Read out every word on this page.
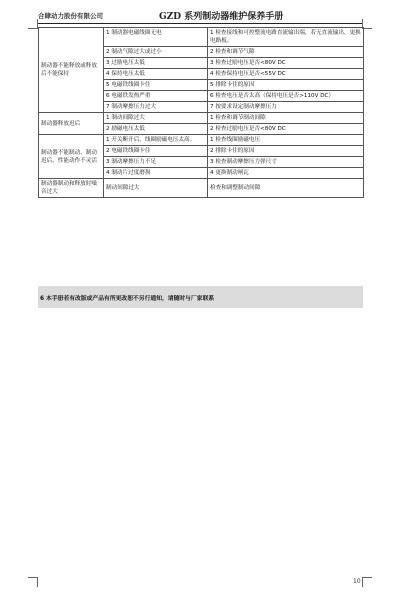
合肆动力股份有限公司	GZD 系列制动器维护保养手册
制动器不能释放或释放后不能保持	1 制动器电磁线圈无电	1 检查接线和可控整流电路直流输出端，若无直流输出，更换电路板。
	2 制动气隙过大或过小	2 检查和调节气隙
	3 过励电压太低	3 检查过励电压是否<80V DC
	4 保持电压太低	4 检查保持电压是否<55V DC
	5 电磁铁线圈卡住	5 排除卡住的原因
	6 电磁铁发热严重	6 检查电压是否太高（保持电压是否>110V DC）
	7 制动摩擦压力过大	7 按要求设定制动摩擦压力
制动器释放迟后	1 制动间隙过大	1 检查和调节制动间隙
	2 励磁电压太低	2 检查过励电压是否<80V DC
制动器不能制动、制动迟后、性能动作不灵活	1 开关断开后，线圈励磁电压太高。	1 检查线圈励磁电压
	2 电磁铁线圈卡住	2 排除卡住的原因
	3 制动摩擦压力不足	3 检查制动摩擦压力弹尺寸
	4 制动片过度磨损	4 更换制动闸瓦
制动器制动和释放时噪音过大	制动间隙过大	检查和调整制动间隙
6 本手册若有改版或产品有所更改恕不另行通知，请随时与厂家联系
10
